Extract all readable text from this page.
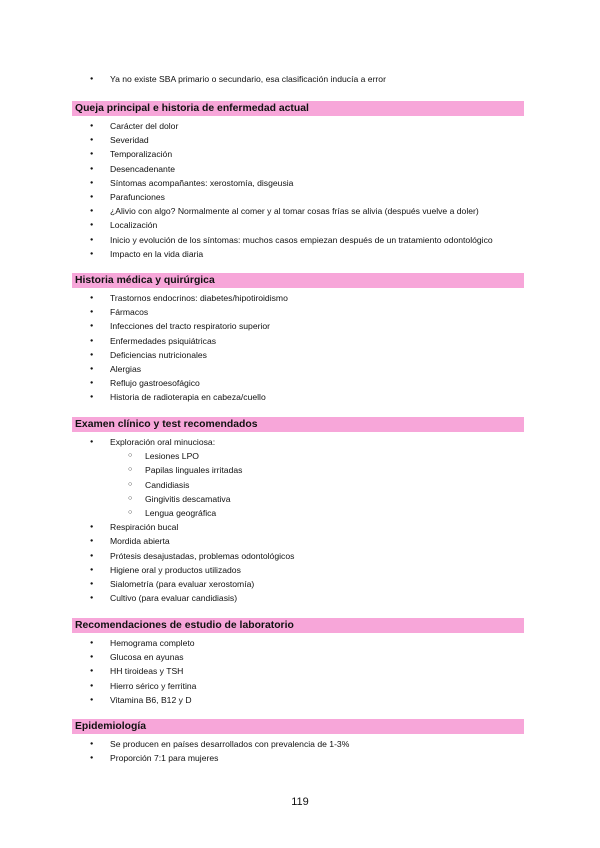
● Ya no existe SBA primario o secundario, esa clasificación inducía a error
Queja principal e historia de enfermedad actual
● Carácter del dolor
● Severidad
● Temporalización
● Desencadenante
● Síntomas acompañantes: xerostomía, disgeusia
● Parafunciones
● ¿Alivio con algo? Normalmente al comer y al tomar cosas frías se alivia (después vuelve a doler)
● Localización
● Inicio y evolución de los síntomas: muchos casos empiezan después de un tratamiento odontológico
● Impacto en la vida diaria
Historia médica y quirúrgica
● Trastornos endocrinos: diabetes/hipotiroidismo
● Fármacos
● Infecciones del tracto respiratorio superior
● Enfermedades psiquiátricas
● Deficiencias nutricionales
● Alergias
● Reflujo gastroesofágico
● Historia de radioterapia en cabeza/cuello
Examen clínico y test recomendados
● Exploración oral minuciosa:
○ Lesiones LPO
○ Papilas linguales irritadas
○ Candidiasis
○ Gingivitis descamativa
○ Lengua geográfica
● Respiración bucal
● Mordida abierta
● Prótesis desajustadas, problemas odontológicos
● Higiene oral y productos utilizados
● Sialometría (para evaluar xerostomía)
● Cultivo (para evaluar candidiasis)
Recomendaciones de estudio de laboratorio
● Hemograma completo
● Glucosa en ayunas
● HH tiroideas y TSH
● Hierro sérico y ferritina
● Vitamina B6, B12 y D
Epidemiología
● Se producen en países desarrollados con prevalencia de 1-3%
● Proporción 7:1 para mujeres
119
